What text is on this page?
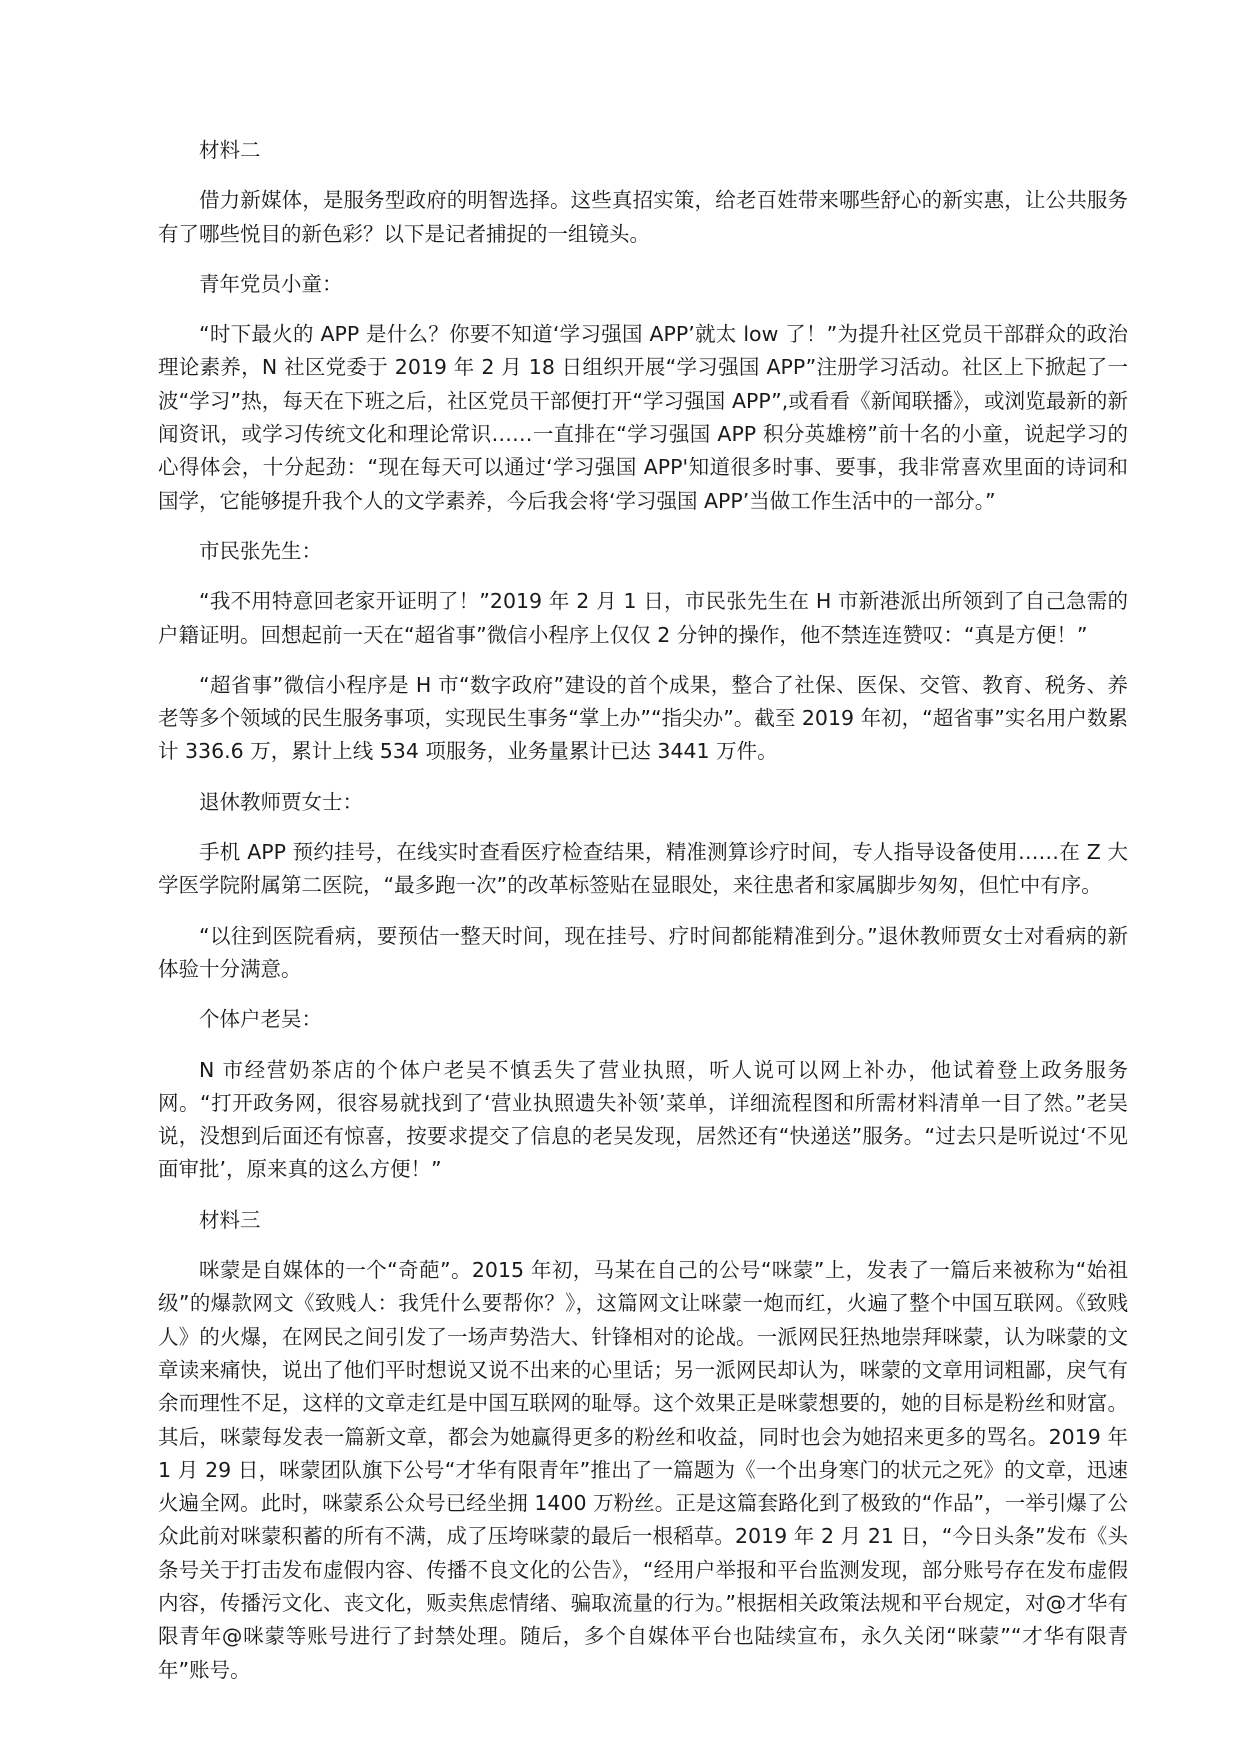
材料二
借力新媒体，是服务型政府的明智选择。这些真招实策，给老百姓带来哪些舒心的新实惠，让公共服务有了哪些悦目的新色彩？以下是记者捕捉的一组镜头。
青年党员小童：
“时下最火的 APP 是什么？你要不知道‘学习强国 APP’就太 low 了！”为提升社区党员干部群众的政治理论素养，N 社区党委于 2019 年 2 月 18 日组织开展“学习强国 APP”注册学习活动。社区上下掀起了一波“学习”热，每天在下班之后，社区党员干部便打开“学习强国 APP”,或看看《新闻联播》，或浏览最新的新闻资讯，或学习传统文化和理论常识……一直排在“学习强国 APP 积分英雄榜”前十名的小童，说起学习的心得体会，十分起劲：“现在每天可以通过‘学习强国 APP'知道很多时事、要事，我非常喜欢里面的诗词和国学，它能够提升我个人的文学素养，今后我会将‘学习强国 APP’当做工作生活中的一部分。”
市民张先生：
“我不用特意回老家开证明了！”2019 年 2 月 1 日，市民张先生在 H 市新港派出所领到了自己急需的户籍证明。回想起前一天在“超省事”微信小程序上仅仅 2 分钟的操作，他不禁连连赞叹：“真是方便！”
“超省事”微信小程序是 H 市“数字政府”建设的首个成果，整合了社保、医保、交管、教育、税务、养老等多个领域的民生服务事项，实现民生事务“掌上办”“指尖办”。截至 2019 年初，“超省事”实名用户数累计 336.6 万，累计上线 534 项服务，业务量累计已达 3441 万件。
退休教师贾女士：
手机 APP 预约挂号，在线实时查看医疗检查结果，精准测算诊疗时间，专人指导设备使用……在 Z 大学医学院附属第二医院，“最多跑一次”的改革标签贴在显眼处，来往患者和家属脚步匆匆，但忙中有序。
“以往到医院看病，要预估一整天时间，现在挂号、疗时间都能精准到分。”退休教师贾女士对看病的新体验十分满意。
个体户老吴：
N 市经营奶茶店的个体户老吴不慎丢失了营业执照，听人说可以网上补办，他试着登上政务服务网。“打开政务网，很容易就找到了‘营业执照遗失补领’菜单，详细流程图和所需材料清单一目了然。”老吴说，没想到后面还有惊喜，按要求提交了信息的老吴发现，居然还有“快递送”服务。“过去只是听说过‘不见面审批’，原来真的这么方便！”
材料三
咪蒙是自媒体的一个“奇葩”。2015 年初，马某在自己的公号“咪蒙”上，发表了一篇后来被称为“始祖级”的爆款网文《致贱人：我凭什么要帮你？》，这篇网文让咪蒙一炮而红，火遍了整个中国互联网。《致贱人》的火爆，在网民之间引发了一场声势浩大、针锋相对的论战。一派网民狂热地崇拜咪蒙，认为咪蒙的文章读来痛快，说出了他们平时想说又说不出来的心里话；另一派网民却认为，咪蒙的文章用词粗鄙，戾气有余而理性不足，这样的文章走红是中国互联网的耻辱。这个效果正是咪蒙想要的，她的目标是粉丝和财富。其后，咪蒙每发表一篇新文章，都会为她赢得更多的粉丝和收益，同时也会为她招来更多的骂名。2019 年 1 月 29 日，咪蒙团队旗下公号“才华有限青年”推出了一篇题为《一个出身寒门的状元之死》的文章，迅速火遍全网。此时，咪蒙系公众号已经坐拥 1400 万粉丝。正是这篇套路化到了极致的“作品”，一举引爆了公众此前对咪蒙积蓄的所有不满，成了压垮咪蒙的最后一根稻草。2019 年 2 月 21 日，“今日头条”发布《头条号关于打击发布虚假内容、传播不良文化的公告》，“经用户举报和平台监测发现，部分账号存在发布虚假内容，传播污文化、丧文化，贩卖焦虑情绪、骗取流量的行为。”根据相关政策法规和平台规定，对@才华有限青年@咪蒙等账号进行了封禁处理。随后，多个自媒体平台也陆续宣布，永久关闭“咪蒙”“才华有限青年”账号。
